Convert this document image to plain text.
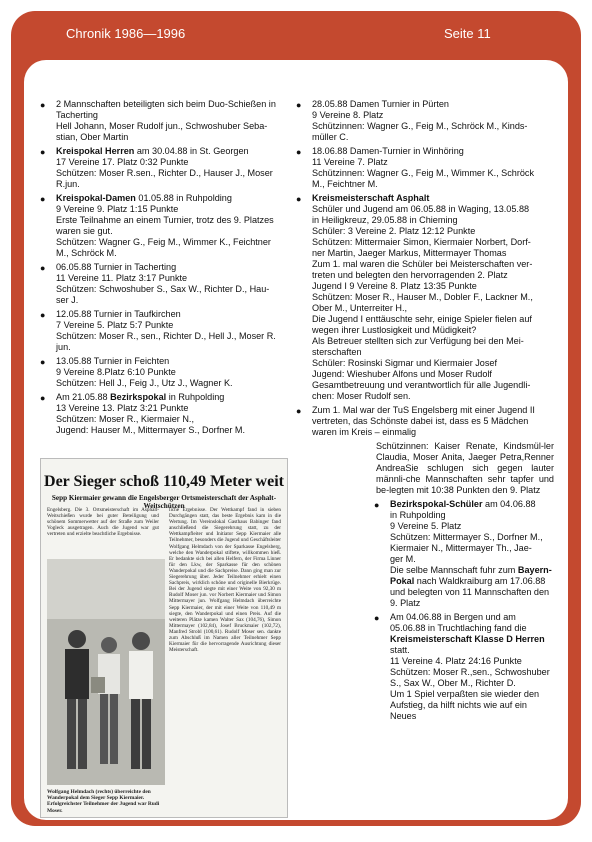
Chronik 1986—1996	Seite 11
● 2 Mannschaften beteiligten sich beim Duo-Schießen in
Tacherting
Hell Johann, Moser Rudolf jun., Schwoshuber Seba-
stian, Ober Martin
● Kreispokal Herren am 30.04.88 in St. Georgen
17 Vereine 17. Platz 0:32 Punkte
Schützen: Moser R.sen., Richter D., Hauser J., Moser
R.jun.
● Kreispokal-Damen 01.05.88 in Ruhpolding
9 Vereine 9. Platz 1:15 Punkte
Erste Teilnahme an einem Turnier, trotz des 9. Platzes
waren sie gut.
Schützen: Wagner G., Feig M., Wimmer K., Feichtner
M., Schröck M.
● 06.05.88 Turnier in Tacherting
11 Vereine 11. Platz 3:17 Punkte
Schützen: Schwoshuber S., Sax W., Richter D., Hau-
ser J.
● 12.05.88 Turnier in Taufkirchen
7 Vereine 5. Platz 5:7 Punkte
Schützen: Moser R., sen., Richter D., Hell J., Moser R.
jun.
● 13.05.88 Turnier in Feichten
9 Vereine 8.Platz 6:10 Punkte
Schützen: Hell J., Feig J., Utz J., Wagner K.
● Am 21.05.88 Bezirkspokal in Ruhpolding
13 Vereine 13. Platz 3:21 Punkte
Schützen: Moser R., Kiermaier N.,
Jugend: Hauser M., Mittermayer S., Dorfner M.
● 28.05.88 Damen Turnier in Pürten
9 Vereine 8. Platz
Schützinnen: Wagner G., Feig M., Schröck M., Kinds-
müller C.
● 18.06.88 Damen-Turnier in Winhöring
11 Vereine 7. Platz
Schützinnen: Wagner G., Feig M., Wimmer K., Schröck
M., Feichtner M.
● Kreismeisterschaft Asphalt
Schüler und Jugend am 06.05.88 in Waging, 13.05.88
in Heiligkreuz, 29.05.88 in Chieming
Schüler: 3 Vereine 2. Platz 12:12 Punkte
Schützen: Mittermaier Simon, Kiermaier Norbert, Dorf-
ner Martin, Jaeger Markus, Mittermayer Thomas
Zum 1. mal waren die Schüler bei Meisterschaften ver-
treten und belegten den hervorragenden 2. Platz
Jugend I 9 Vereine 8. Platz 13:35 Punkte
Schützen: Moser R., Hauser M., Dobler F., Lackner M.,
Ober M., Unterreiter H.,
Die Jugend I enttäuschte sehr, einige Spieler fielen auf
wegen ihrer Lustlosigkeit und Müdigkeit?
Als Betreuer stellten sich zur Verfügung bei den Mei-
sterschaften
Schüler: Rosinski Sigmar und Kiermaier Josef
Jugend: Wieshuber Alfons und Moser Rudolf
Gesamtbetreuung und verantwortlich für alle Jugendli-
chen: Moser Rudolf sen.
● Zum 1. Mal war der TuS Engelsberg mit einer Jugend II
vertreten, das Schönste dabei ist, dass es 5 Mädchen
waren im Kreis – einmalig
Schützinnen: Kaiser Renate, Kindsmül-ler Claudia, Moser Anita, Jaeger Petra,Renner AndreaSie schlugen sich gegen lauter männli-che Mannschaften sehr tapfer und be-legten mit 10:38 Punkten den 9. Platz
● Bezirkspokal-Schüler am 04.06.88
in Ruhpolding
9 Vereine 5. Platz
Schützen: Mittermayer S., Dorfner M.,
Kiermaier N., Mittermayer Th., Jae-
ger M.
Die selbe Mannschaft fuhr zum Bayern-
Pokal nach Waldkraiburg am 17.06.88
und belegten von 11 Mannschaften den
9. Platz
● Am 04.06.88 in Bergen und am
05.06.88 in Truchtlaching fand die
Kreismeisterschaft Klasse D Herren
statt.
11 Vereine 4. Platz 24:16 Punkte
Schützen: Moser R.,sen., Schwoshuber
S., Sax W., Ober M., Richter D.
Um 1 Spiel verpaßten sie wieder den
Aufstieg, da hilft nichts wie auf ein
Neues
Der Sieger schoß 110,49 Meter weit
Sepp Kiermaier gewann die Engelsberger Ortsmeisterschaft der Asphalt-Weitschützen
Engelsberg. Die 3. Ortsmeisterschaft im Asphalt-Weitschießen wurde bei guter Beteiligung und schönem Sommerwetter auf der Straße zum Weiler Vogleck ausgetragen. Auch die Jugend war gut vertreten und erzielte beachtliche Ergebnisse.
liche Ergebnisse. Der Wettkampf fand in sieben Durchgängen statt, das beste Ergebnis kam in die Wertung. Im Vereinslokal Gasthaus Babinger fand anschließend die Siegerehrung statt, zu der Wettkampfleiter und Initiator Sepp Kiermaier alle Teilnehmer, besonders die Jugend und Geschäftsleiter Wolfgang Helmdach von der Sparkasse Engelsberg, welche den Wanderpokal stiftete, willkommen hieß. Er bedankte sich bei allen Helfern, der Firma Linner für den Lkw, der Sparkasse für den schönen Wanderpokal und die Sachpreise. Dann ging man zur Siegerehrung über. Jeder Teilnehmer erhielt einen Sachpreis, wirklich schöne und originelle Bierkrüge. Bei der Jugend siegte mit einer Weite von 92,30 m Rudolf Moser jun. vor Norbert Kiermaier und Simon Mittermayer jun. Wolfgang Helmdach überreichte Sepp Kiermaier, der mit einer Weite von 110,49 m siegte, den Wanderpokal und einen Preis. Auf die weiteren Plätze kamen Walter Sax (104,76), Simon Mittermayer (102,84), Josef Bruckmaier (102,72), Manfred Strobl (100,61). Rudolf Moser sen. dankte zum Abschluß im Namen aller Teilnehmer Sepp Kiermaier für die hervorragende Ausrichtung dieser Meisterschaft.
Wolfgang Helmdach (rechts) überreichte den Wanderpokal dem Sieger Sepp Kiermaier. Erfolgreichster Teilnehmer der Jugend war Rudi Moser.
